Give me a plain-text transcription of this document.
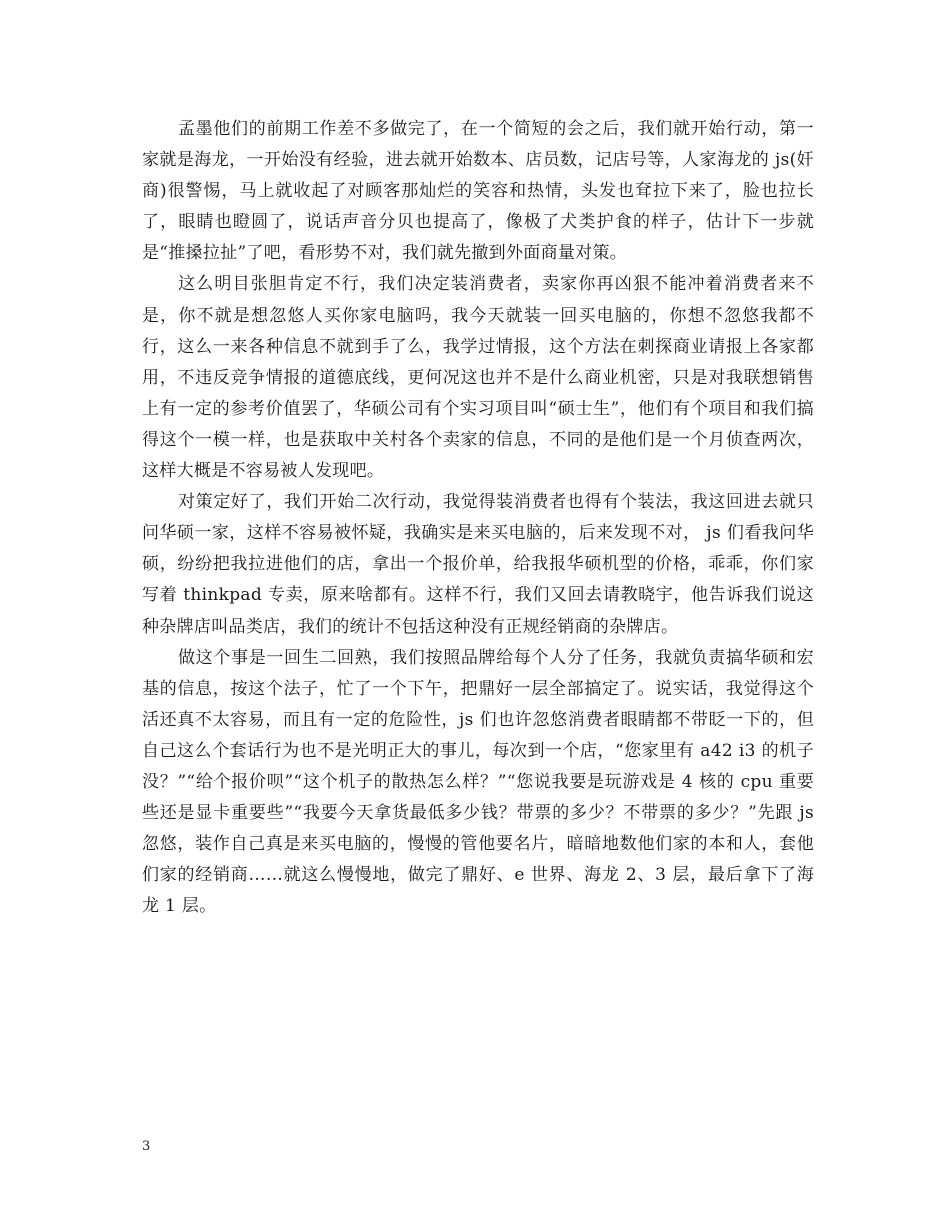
孟墨他们的前期工作差不多做完了，在一个简短的会之后，我们就开始行动，第一家就是海龙，一开始没有经验，进去就开始数本、店员数，记店号等，人家海龙的 js(奸商)很警惕，马上就收起了对顾客那灿烂的笑容和热情，头发也耷拉下来了，脸也拉长了，眼睛也瞪圆了，说话声音分贝也提高了，像极了犬类护食的样子，估计下一步就是“推搡拉扯”了吧，看形势不对，我们就先撤到外面商量对策。

这么明目张胆肯定不行，我们决定装消费者，卖家你再凶狠不能冲着消费者来不是，你不就是想忽悠人买你家电脑吗，我今天就装一回买电脑的，你想不忽悠我都不行，这么一来各种信息不就到手了么，我学过情报，这个方法在刺探商业请报上各家都用，不违反竞争情报的道德底线，更何况这也并不是什么商业机密，只是对我联想销售上有一定的参考价值罢了，华硕公司有个实习项目叫“硕士生”，他们有个项目和我们搞得这个一模一样，也是获取中关村各个卖家的信息，不同的是他们是一个月侦查两次，这样大概是不容易被人发现吧。

对策定好了，我们开始二次行动，我觉得装消费者也得有个装法，我这回进去就只问华硕一家，这样不容易被怀疑，我确实是来买电脑的，后来发现不对， js 们看我问华硕，纷纷把我拉进他们的店，拿出一个报价单，给我报华硕机型的价格，乖乖，你们家写着 thinkpad 专卖，原来啥都有。这样不行，我们又回去请教晓宇，他告诉我们说这种杂牌店叫品类店，我们的统计不包括这种没有正规经销商的杂牌店。

做这个事是一回生二回熟，我们按照品牌给每个人分了任务，我就负责搞华硕和宏基的信息，按这个法子，忙了一个下午，把鼎好一层全部搞定了。说实话，我觉得这个活还真不太容易，而且有一定的危险性，js 们也许忽悠消费者眼睛都不带眨一下的，但自己这么个套话行为也不是光明正大的事儿，每次到一个店，“您家里有 a42 i3 的机子没？”“给个报价呗”“这个机子的散热怎么样？”“您说我要是玩游戏是 4 核的 cpu 重要些还是显卡重要些”“我要今天拿货最低多少钱？带票的多少？不带票的多少？”先跟 js 忽悠，装作自己真是来买电脑的，慢慢的管他要名片，暗暗地数他们家的本和人，套他们家的经销商……就这么慢慢地，做完了鼎好、e 世界、海龙 2、3 层，最后拿下了海龙 1 层。

3
